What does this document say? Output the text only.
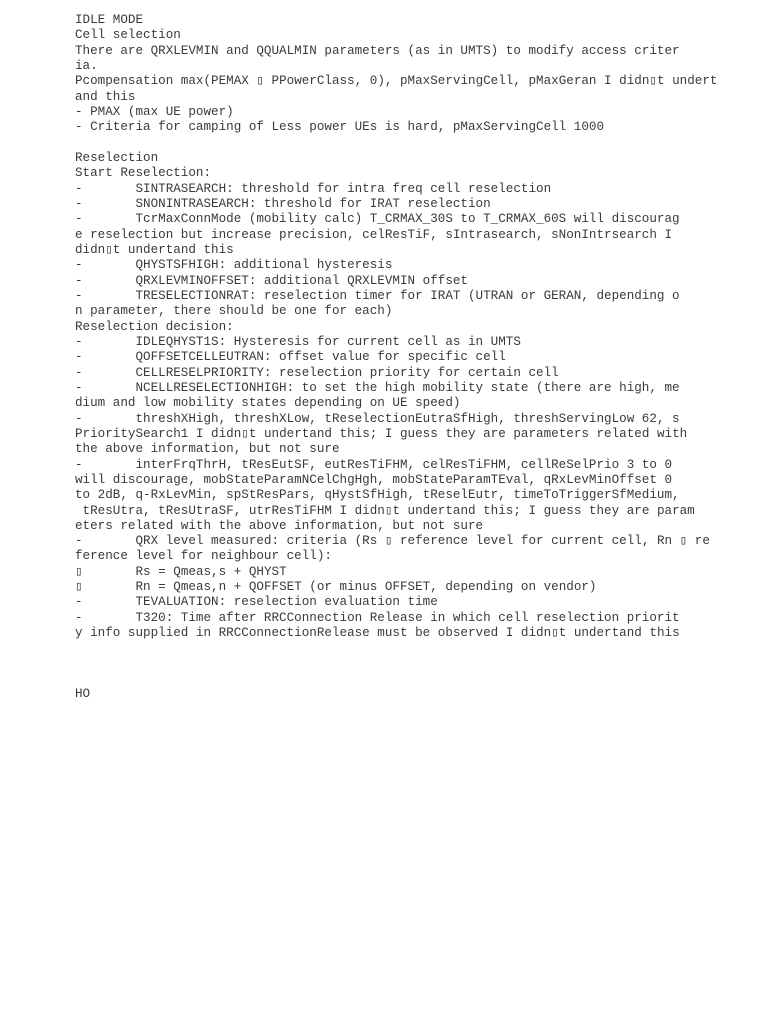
IDLE MODE
Cell selection
There are QRXLEVMIN and QQUALMIN parameters (as in UMTS) to modify access criter
ia.
Pcompensation max(PEMAX ▯ PPowerClass, 0), pMaxServingCell, pMaxGeran I didn▯t undert
and this
- PMAX (max UE power)
- Criteria for camping of Less power UEs is hard, pMaxServingCell 1000
Reselection
Start Reselection:
-       SINTRASEARCH: threshold for intra freq cell reselection
-       SNONINTRASEARCH: threshold for IRAT reselection
-       TcrMaxConnMode (mobility calc) T_CRMAX_30S to T_CRMAX_60S will discourag
e reselection but increase precision, celResTiF, sIntrasearch, sNonIntrsearch I
didn▯t undertand this
-       QHYSTSFHIGH: additional hysteresis
-       QRXLEVMINOFFSET: additional QRXLEVMIN offset
-       TRESELECTIONRAT: reselection timer for IRAT (UTRAN or GERAN, depending o
n parameter, there should be one for each)
Reselection decision:
-       IDLEQHYST1S: Hysteresis for current cell as in UMTS
-       QOFFSETCELLEUTRAN: offset value for specific cell
-       CELLRESELPRIORITY: reselection priority for certain cell
-       NCELLRESELECTIONHIGH: to set the high mobility state (there are high, me
dium and low mobility states depending on UE speed)
-       threshXHigh, threshXLow, tReselectionEutraSfHigh, threshServingLow 62, s
PrioritySearch1 I didn▯t undertand this; I guess they are parameters related with
the above information, but not sure
-       interFrqThrH, tResEutSF, eutResTiFHM, celResTiFHM, cellReSelPrio 3 to 0
will discourage, mobStateParamNCelChgHgh, mobStateParamTEval, qRxLevMinOffset 0
to 2dB, q-RxLevMin, spStResPars, qHystSfHigh, tReselEutr, timeToTriggerSfMedium,
tResUtra, tResUtraSF, utrResTiFHM I didn▯t undertand this; I guess they are param
eters related with the above information, but not sure
-       QRX level measured: criteria (Rs ▯ reference level for current cell, Rn ▯ re
ference level for neighbour cell):
▯       Rs = Qmeas,s + QHYST
▯       Rn = Qmeas,n + QOFFSET (or minus OFFSET, depending on vendor)
-       TEVALUATION: reselection evaluation time
-       T320: Time after RRCConnection Release in which cell reselection priorit
y info supplied in RRCConnectionRelease must be observed I didn▯t undertand this
HO
